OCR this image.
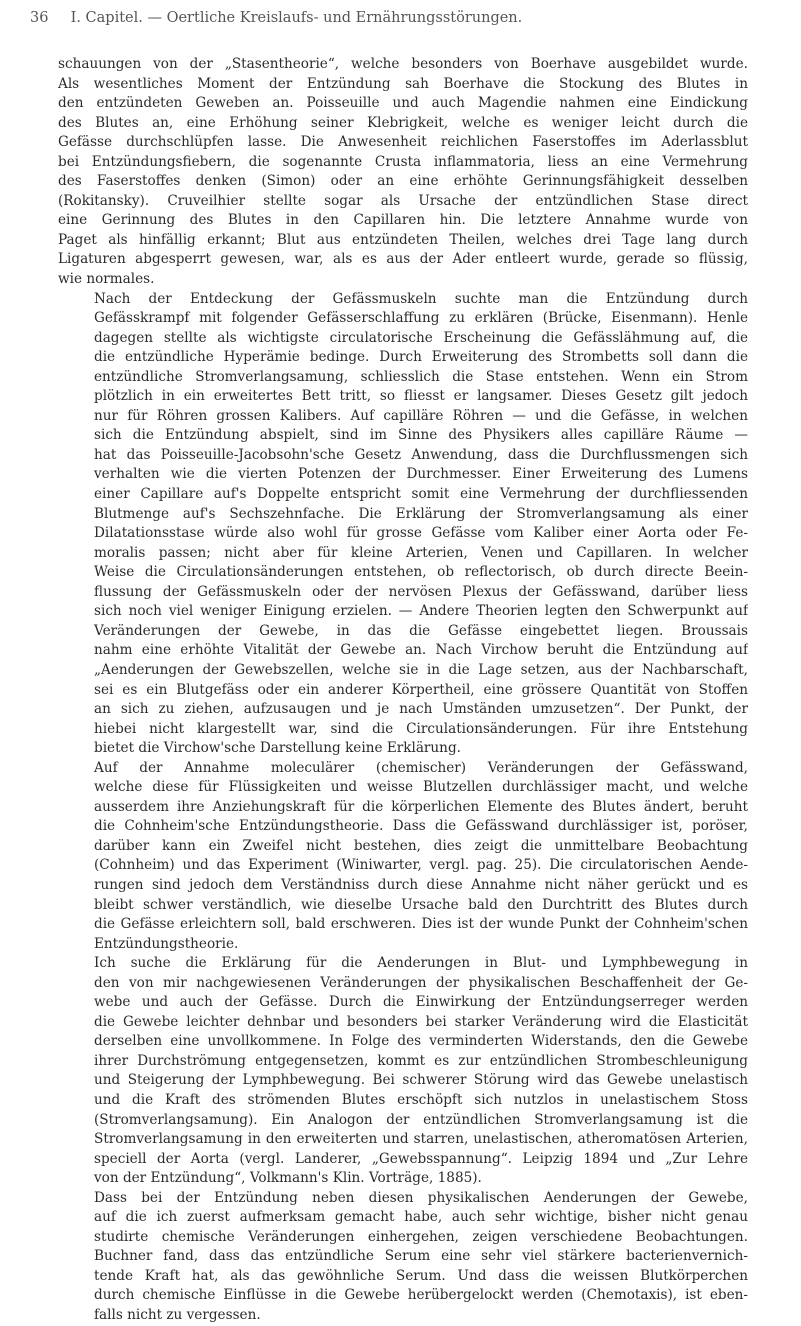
36 I. Capitel. — Oertliche Kreislaufs- und Ernährungsstörungen.

schauungen von der „Stasentheorie“, welche besonders von Boerhave ausgebildet wurde.
Als wesentliches Moment der Entzündung sah Boerhave die Stockung des Blutes in
den entzündeten Geweben an. Poisseuille und auch Magendie nahmen eine Eindickung
des Blutes an, eine Erhöhung seiner Klebrigkeit, welche es weniger leicht durch die
Gefässe durchschlüpfen lasse. Die Anwesenheit reichlichen Faserstoffes im Aderlassblut
bei Entzündungsfiebern, die sogenannte Crusta inflammatoria, liess an eine Vermehrung
des Faserstoffes denken (Simon) oder an eine erhöhte Gerinnungsfähigkeit desselben
(Rokitansky). Cruveilhier stellte sogar als Ursache der entzündlichen Stase direct
eine Gerinnung des Blutes in den Capillaren hin. Die letztere Annahme wurde von
Paget als hinfällig erkannt; Blut aus entzündeten Theilen, welches drei Tage lang durch
Ligaturen abgesperrt gewesen, war, als es aus der Ader entleert wurde, gerade so flüssig,
wie normales.

Nach der Entdeckung der Gefässmuskeln suchte man die Entzündung durch
Gefässkrampf mit folgender Gefässerschlaffung zu erklären (Brücke, Eisenmann). Henle
dagegen stellte als wichtigste circulatorische Erscheinung die Gefässlähmung auf, die
die entzündliche Hyperämie bedinge. Durch Erweiterung des Strombetts soll dann die
entzündliche Stromverlangsamung, schliesslich die Stase entstehen. Wenn ein Strom
plötzlich in ein erweitertes Bett tritt, so fliesst er langsamer. Dieses Gesetz gilt jedoch
nur für Röhren grossen Kalibers. Auf capilläre Röhren — und die Gefässe, in welchen
sich die Entzündung abspielt, sind im Sinne des Physikers alles capilläre Räume —
hat das Poisseuille-Jacobsohn'sche Gesetz Anwendung, dass die Durchflussmengen sich
verhalten wie die vierten Potenzen der Durchmesser. Einer Erweiterung des Lumens
einer Capillare auf's Doppelte entspricht somit eine Vermehrung der durchfliessenden
Blutmenge auf's Sechszehnfache. Die Erklärung der Stromverlangsamung als einer
Dilatationsstase würde also wohl für grosse Gefässe vom Kaliber einer Aorta oder Fe-
moralis passen; nicht aber für kleine Arterien, Venen und Capillaren. In welcher
Weise die Circulationsänderungen entstehen, ob reflectorisch, ob durch directe Beein-
flussung der Gefässmuskeln oder der nervösen Plexus der Gefässwand, darüber liess
sich noch viel weniger Einigung erzielen. — Andere Theorien legten den Schwerpunkt auf
Veränderungen der Gewebe, in das die Gefässe eingebettet liegen. Broussais
nahm eine erhöhte Vitalität der Gewebe an. Nach Virchow beruht die Entzündung auf
„Aenderungen der Gewebszellen, welche sie in die Lage setzen, aus der Nachbarschaft,
sei es ein Blutgefäss oder ein anderer Körpertheil, eine grössere Quantität von Stoffen
an sich zu ziehen, aufzusaugen und je nach Umständen umzusetzen“. Der Punkt, der
hiebei nicht klargestellt war, sind die Circulationsänderungen. Für ihre Entstehung
bietet die Virchow'sche Darstellung keine Erklärung.

Auf der Annahme moleculärer (chemischer) Veränderungen der Gefässwand,
welche diese für Flüssigkeiten und weisse Blutzellen durchlässiger macht, und welche
ausserdem ihre Anziehungskraft für die körperlichen Elemente des Blutes ändert, beruht
die Cohnheim'sche Entzündungstheorie. Dass die Gefässwand durchlässiger ist, poröser,
darüber kann ein Zweifel nicht bestehen, dies zeigt die unmittelbare Beobachtung
(Cohnheim) und das Experiment (Winiwarter, vergl. pag. 25). Die circulatorischen Aende-
rungen sind jedoch dem Verständniss durch diese Annahme nicht näher gerückt und es
bleibt schwer verständlich, wie dieselbe Ursache bald den Durchtritt des Blutes durch
die Gefässe erleichtern soll, bald erschweren. Dies ist der wunde Punkt der Cohnheim'schen
Entzündungstheorie.

Ich suche die Erklärung für die Aenderungen in Blut- und Lymphbewegung in
den von mir nachgewiesenen Veränderungen der physikalischen Beschaffenheit der Ge-
webe und auch der Gefässe. Durch die Einwirkung der Entzündungserreger werden
die Gewebe leichter dehnbar und besonders bei starker Veränderung wird die Elasticität
derselben eine unvollkommene. In Folge des verminderten Widerstands, den die Gewebe
ihrer Durchströmung entgegensetzen, kommt es zur entzündlichen Strombeschleunigung
und Steigerung der Lymphbewegung. Bei schwerer Störung wird das Gewebe unelastisch
und die Kraft des strömenden Blutes erschöpft sich nutzlos in unelastischem Stoss
(Stromverlangsamung). Ein Analogon der entzündlichen Stromverlangsamung ist die
Stromverlangsamung in den erweiterten und starren, unelastischen, atheromatösen Arterien,
speciell der Aorta (vergl. Landerer, „Gewebsspannung“. Leipzig 1894 und „Zur Lehre
von der Entzündung“, Volkmann's Klin. Vorträge, 1885).

Dass bei der Entzündung neben diesen physikalischen Aenderungen der Gewebe,
auf die ich zuerst aufmerksam gemacht habe, auch sehr wichtige, bisher nicht genau
studirte chemische Veränderungen einhergehen, zeigen verschiedene Beobachtungen.
Buchner fand, dass das entzündliche Serum eine sehr viel stärkere bacterienvernich-
tende Kraft hat, als das gewöhnliche Serum. Und dass die weissen Blutkörperchen
durch chemische Einflüsse in die Gewebe herübergelockt werden (Chemotaxis), ist eben-
falls nicht zu vergessen.
